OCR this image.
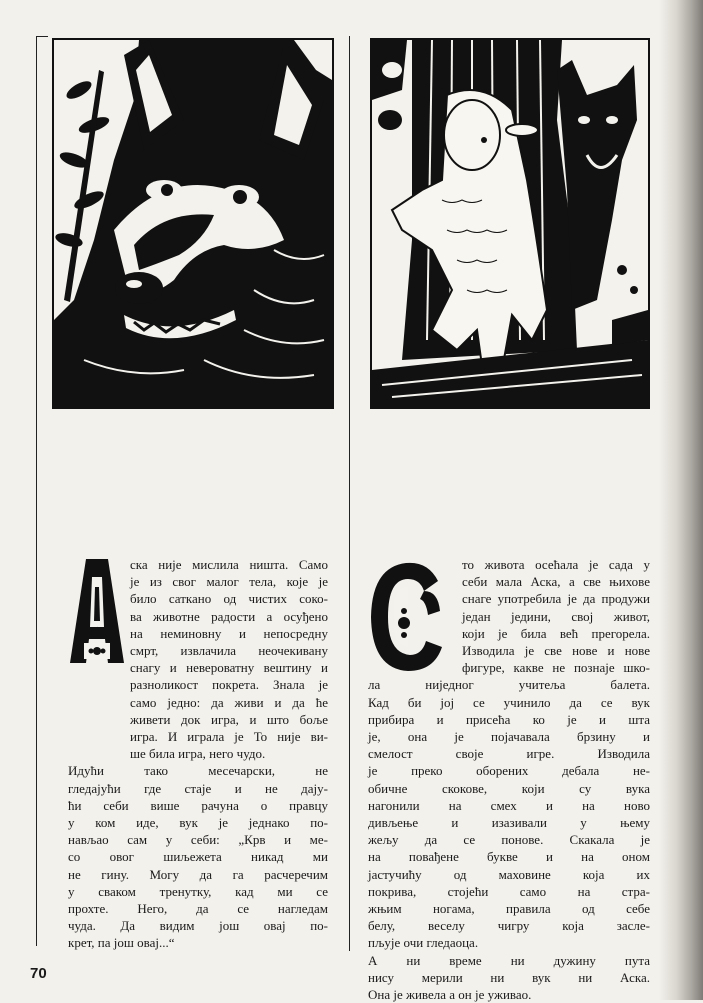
А
С
ска није мислила ништа. Само
је из свог малог тела, које је
било саткано од чистих соко-
ва животне радости а осуђено
на неминовну и непосредну
смрт, извлачила неочекивану
снагу и невероватну вештину и
разноликост покрета. Знала је
само једно: да живи и да ће
живети док игра, и што боље
игра. И играла је То није ви-
ше била игра, него чудо.
Идући тако месечарски, не
гледајући где стаје и не дају-
ћи себи више рачуна о правцу
у ком иде, вук је једнако по-
нављао сам у себи: „Крв и ме-
со овог шиљежета никад ми
не гину. Могу да га расчеречим
у сваком тренутку, кад ми се
прохте. Него, да се нагледам
чуда. Да видим још овај по-
крет, па још овај...“
то живота осећала је сада у
себи мала Аска, а све њихове
снаге употребила је да продужи
један једини, свој живот,
који је била већ прегорела.
Изводила је све нове и нове
фигуре, какве не познаје шко-
ла ниједног учитеља балета.
Кад би јој се учинило да се вук
прибира и присећа ко је и шта
је, она је појачавала брзину и
смелост своје игре. Изводила
је преко оборених дебала не-
обичне скокове, који су вука
нагонили на смех и на ново
дивљење и изазивали у њему
жељу да се понове. Скакала је
на повађене букве и на оном
јастучићу од маховине која их
покрива, стојећи само на стра-
жњим ногама, правила од себе
белу, веселу чигру која засле-
пљује очи гледаоца.
А ни време ни дужину пута
нису мерили ни вук ни Аска.
Она је живела а он је уживао.
70
